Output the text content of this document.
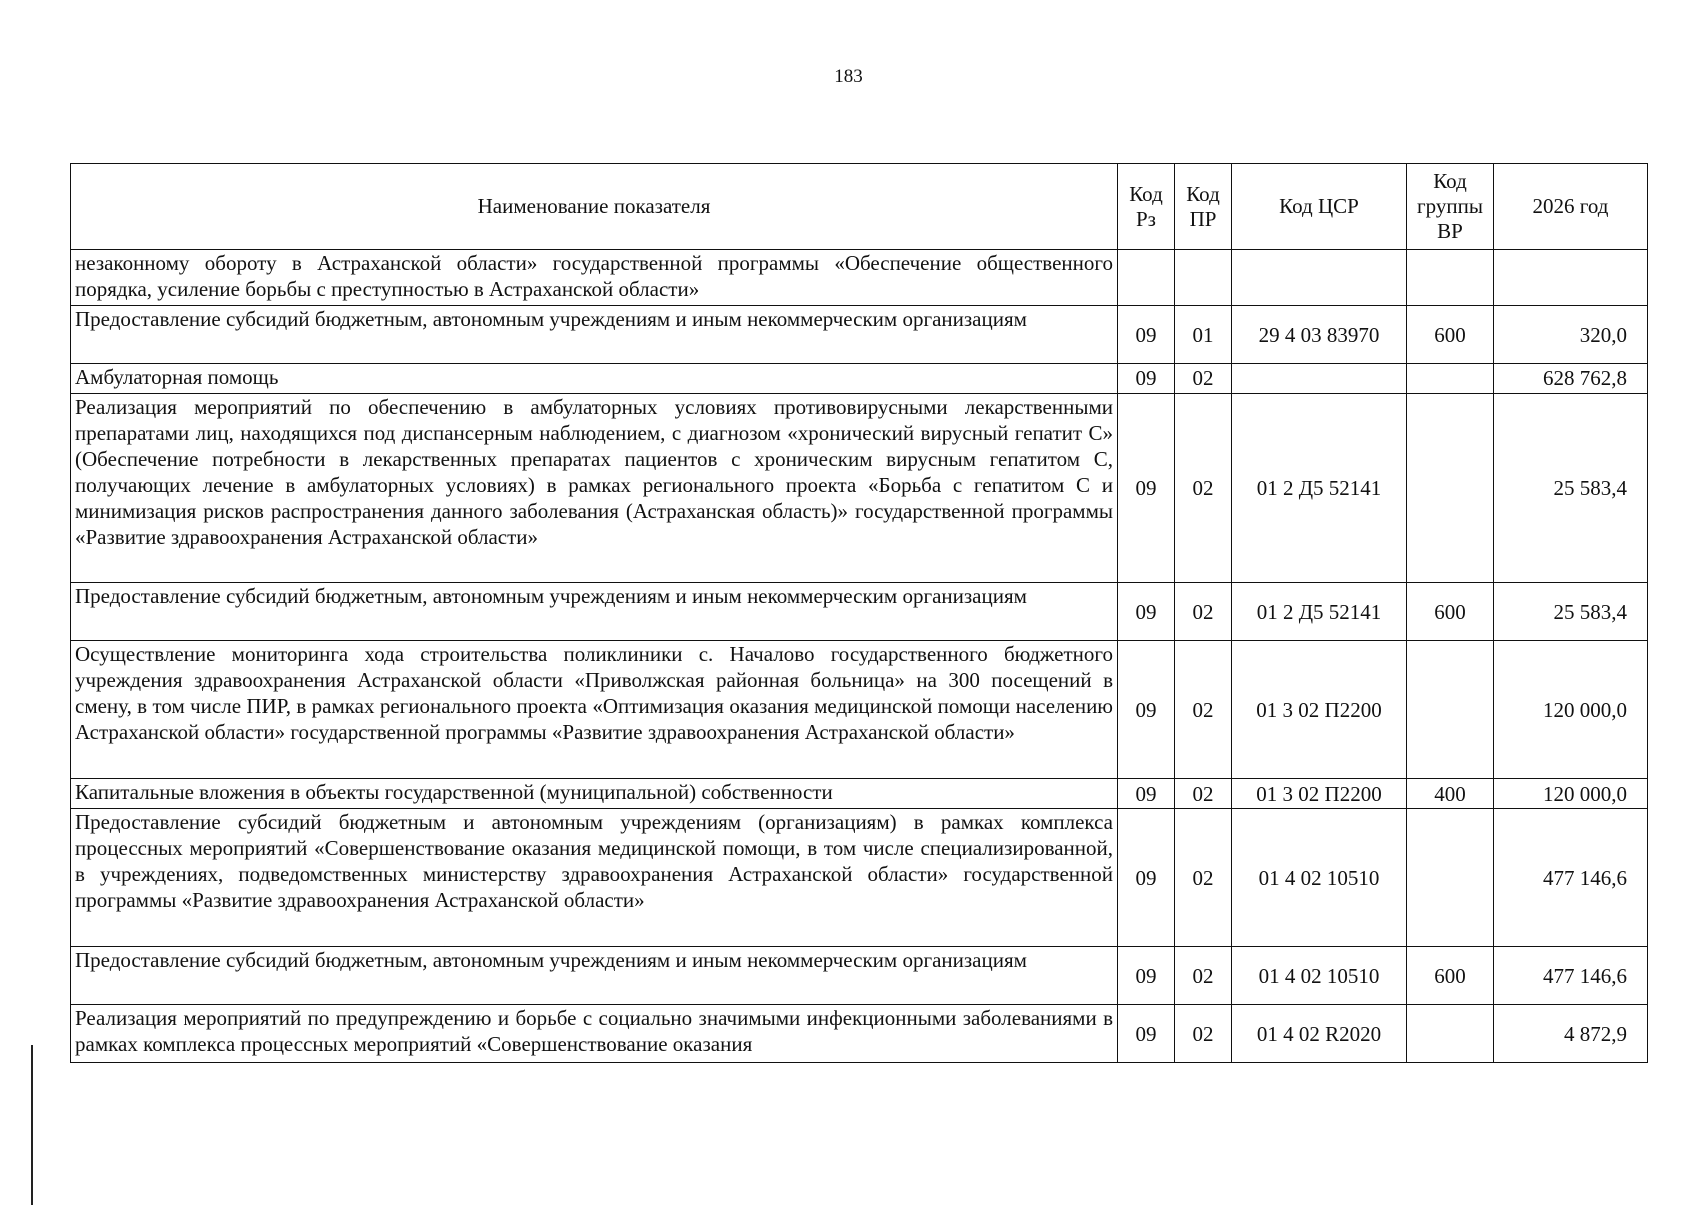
183
Наименование показателя	Код Рз	Код ПР	Код ЦСР	Код группы ВР	2026 год
незаконному обороту в Астраханской области» государственной программы «Обеспечение общественного порядка, усиление борьбы с преступностью в Астраханской области»					
Предоставление субсидий бюджетным, автономным учреждениям и иным некоммерческим организациям	09	01	29 4 03 83970	600	320,0
Амбулаторная помощь	09	02			628 762,8
Реализация мероприятий по обеспечению в амбулаторных условиях противовирусными лекарственными препаратами лиц, находящихся под диспансерным наблюдением, с диагнозом «хронический вирусный гепатит С» (Обеспечение потребности в лекарственных препаратах пациентов с хроническим вирусным гепатитом С, получающих лечение в амбулаторных условиях) в рамках регионального проекта «Борьба с гепатитом С и минимизация рисков распространения данного заболевания (Астраханская область)» государственной программы «Развитие здравоохранения Астраханской области»	09	02	01 2 Д5 52141		25 583,4
Предоставление субсидий бюджетным, автономным учреждениям и иным некоммерческим организациям	09	02	01 2 Д5 52141	600	25 583,4
Осуществление мониторинга хода строительства поликлиники с. Началово государственного бюджетного учреждения здравоохранения Астраханской области «Приволжская районная больница» на 300 посещений в смену, в том числе ПИР, в рамках регионального проекта «Оптимизация оказания медицинской помощи населению Астраханской области» государственной программы «Развитие здравоохранения Астраханской области»	09	02	01 3 02 П2200		120 000,0
Капитальные вложения в объекты государственной (муниципальной) собственности	09	02	01 3 02 П2200	400	120 000,0
Предоставление субсидий бюджетным и автономным учреждениям (организациям) в рамках комплекса процессных мероприятий «Совершенствование оказания медицинской помощи, в том числе специализированной, в учреждениях, подведомственных министерству здравоохранения Астраханской области» государственной программы «Развитие здравоохранения Астраханской области»	09	02	01 4 02 10510		477 146,6
Предоставление субсидий бюджетным, автономным учреждениям и иным некоммерческим организациям	09	02	01 4 02 10510	600	477 146,6
Реализация мероприятий по предупреждению и борьбе с социально значимыми инфекционными заболеваниями в рамках комплекса процессных мероприятий «Совершенствование оказания	09	02	01 4 02 R2020		4 872,9
